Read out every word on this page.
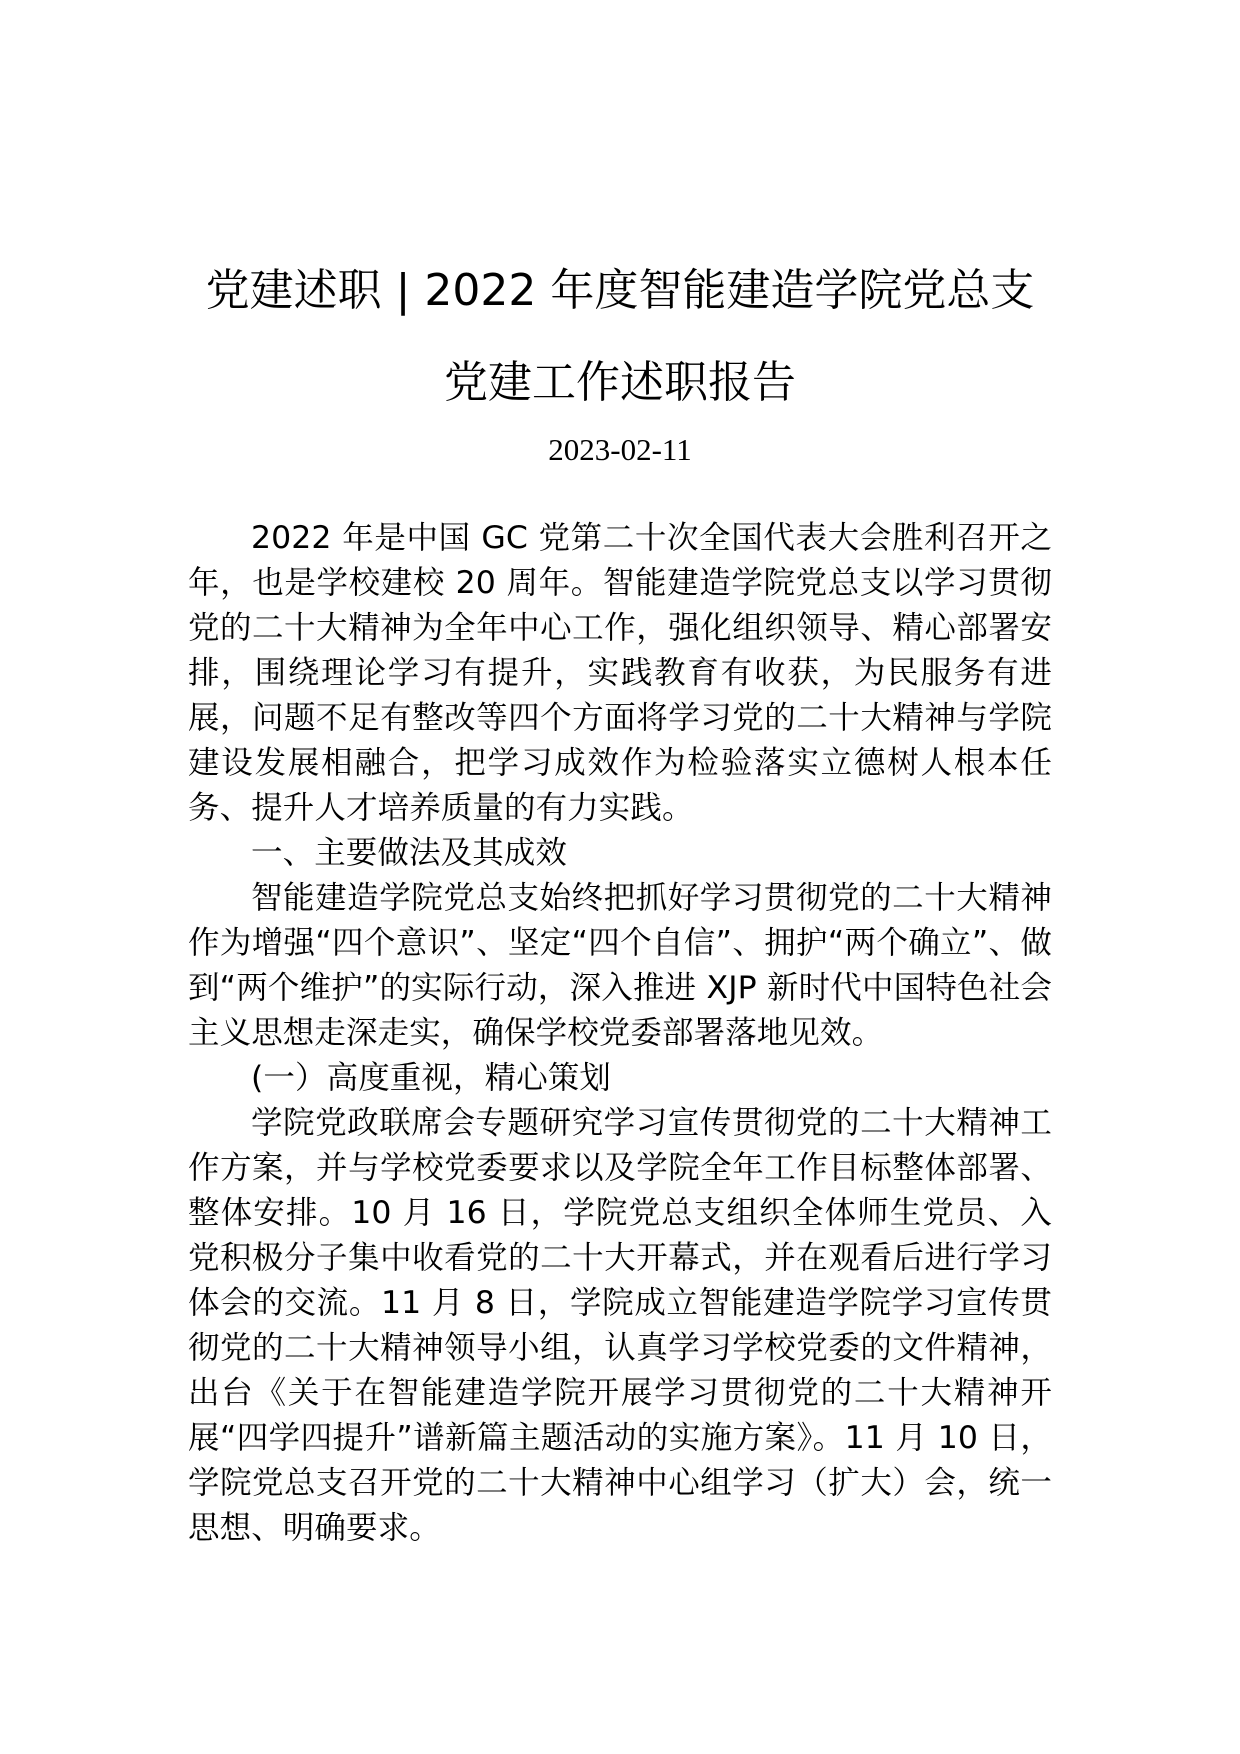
党建述职 | 2022 年度智能建造学院党总支
党建工作述职报告
2023-02-11

2022 年是中国 GC 党第二十次全国代表大会胜利召开之年，也是学校建校 20 周年。智能建造学院党总支以学习贯彻党的二十大精神为全年中心工作，强化组织领导、精心部署安排，围绕理论学习有提升，实践教育有收获，为民服务有进展，问题不足有整改等四个方面将学习党的二十大精神与学院建设发展相融合，把学习成效作为检验落实立德树人根本任务、提升人才培养质量的有力实践。

一、主要做法及其成效

智能建造学院党总支始终把抓好学习贯彻党的二十大精神作为增强“四个意识”、坚定“四个自信”、拥护“两个确立”、做到“两个维护”的实际行动，深入推进 XJP 新时代中国特色社会主义思想走深走实，确保学校党委部署落地见效。

(一）高度重视，精心策划

学院党政联席会专题研究学习宣传贯彻党的二十大精神工作方案，并与学校党委要求以及学院全年工作目标整体部署、整体安排。10 月 16 日，学院党总支组织全体师生党员、入党积极分子集中收看党的二十大开幕式，并在观看后进行学习体会的交流。11 月 8 日，学院成立智能建造学院学习宣传贯彻党的二十大精神领导小组，认真学习学校党委的文件精神，出台《关于在智能建造学院开展学习贯彻党的二十大精神开展“四学四提升”谱新篇主题活动的实施方案》。11 月 10 日，学院党总支召开党的二十大精神中心组学习（扩大）会，统一思想、明确要求。
